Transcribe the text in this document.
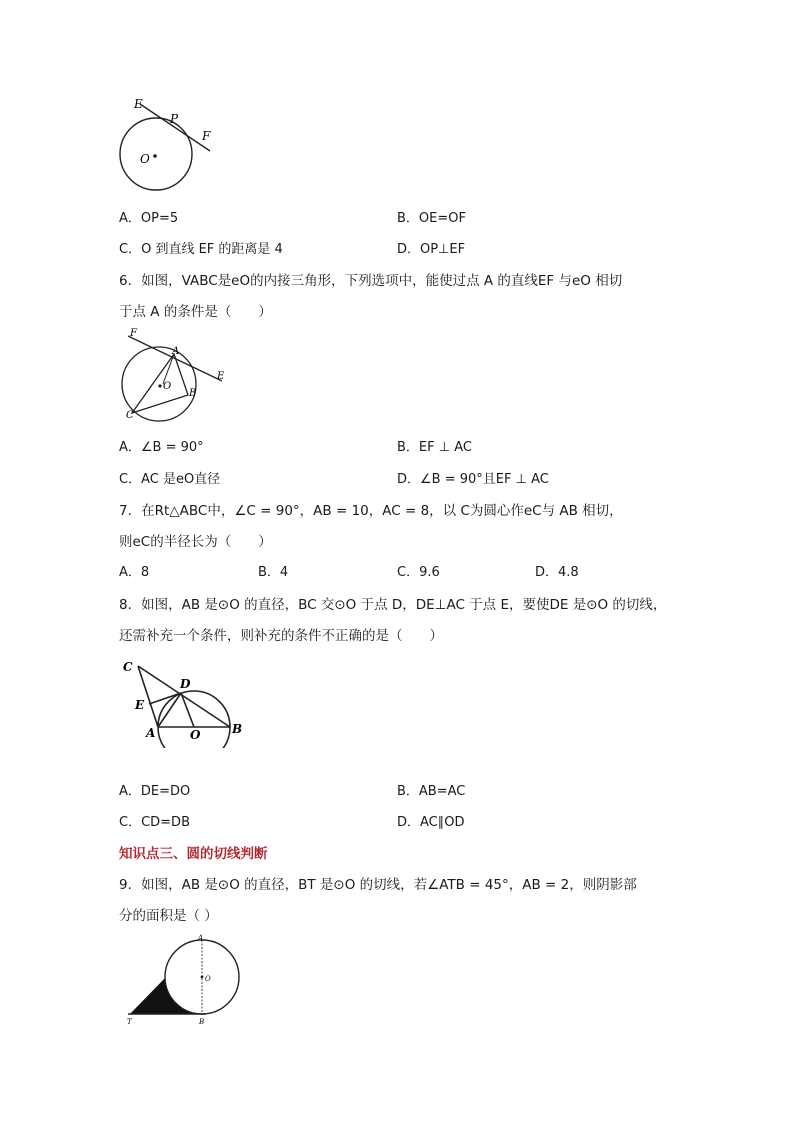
E
P
F
O
A．OP=5	B．OE=OF
C．O 到直线 EF 的距离是 4	D．OP⊥EF
6．如图，VABC是eO的内接三角形，下列选项中，能使过点 A 的直线EF 与eO 相切
于点 A 的条件是（　　）
F
A
O
E
B
C
A．∠B = 90°	B．EF ⊥ AC
C．AC 是eO直径	D．∠B = 90°且EF ⊥ AC
7．在Rt△ABC中，∠C = 90°，AB = 10，AC = 8，以 C为圆心作eC与 AB 相切，
则eC的半径长为（　　）
A．8	B．4	C．9.6	D．4.8
8．如图，AB 是⊙O 的直径，BC 交⊙O 于点 D，DE⊥AC 于点 E，要使DE 是⊙O 的切线，
还需补充一个条件，则补充的条件不正确的是（　　）
C
D
E
A	O	B
A．DE=DO	B．AB=AC
C．CD=DB	D．AC∥OD
知识点三、圆的切线判断
9．如图，AB 是⊙O 的直径，BT 是⊙O 的切线，若∠ATB = 45°，AB = 2，则阴影部
分的面积是（ ）
A
O
T	B
